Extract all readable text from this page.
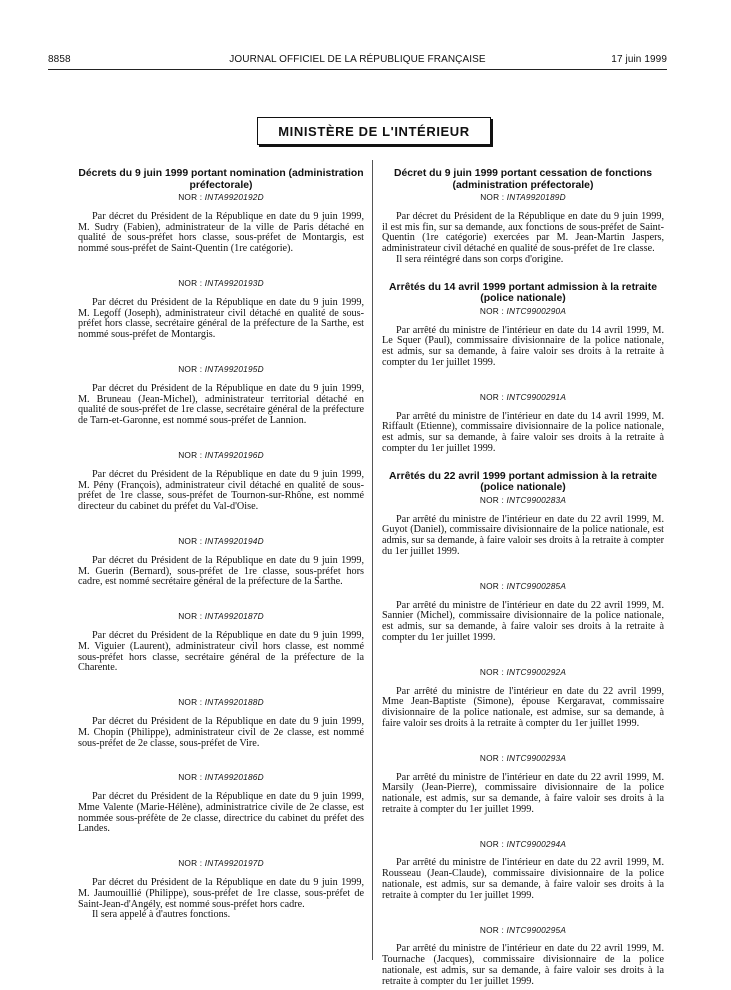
8858	JOURNAL OFFICIEL DE LA RÉPUBLIQUE FRANÇAISE	17 juin 1999
MINISTÈRE DE L'INTÉRIEUR

Décrets du 9 juin 1999 portant nomination (administration préfectorale)

NOR : INTA9920192D

Par décret du Président de la République en date du 9 juin 1999, M. Sudry (Fabien), administrateur de la ville de Paris détaché en qualité de sous-préfet hors classe, sous-préfet de Montargis, est nommé sous-préfet de Saint-Quentin (1re catégorie).

NOR : INTA9920193D

Par décret du Président de la République en date du 9 juin 1999, M. Legoff (Joseph), administrateur civil détaché en qualité de sous-préfet hors classe, secrétaire général de la préfecture de la Sarthe, est nommé sous-préfet de Montargis.

NOR : INTA9920195D

Par décret du Président de la République en date du 9 juin 1999, M. Bruneau (Jean-Michel), administrateur territorial détaché en qualité de sous-préfet de 1re classe, secrétaire général de la préfecture de Tarn-et-Garonne, est nommé sous-préfet de Lannion.

NOR : INTA9920196D

Par décret du Président de la République en date du 9 juin 1999, M. Pény (François), administrateur civil détaché en qualité de sous-préfet de 1re classe, sous-préfet de Tournon-sur-Rhône, est nommé directeur du cabinet du préfet du Val-d'Oise.

NOR : INTA9920194D

Par décret du Président de la République en date du 9 juin 1999, M. Guerin (Bernard), sous-préfet de 1re classe, sous-préfet hors cadre, est nommé secrétaire général de la préfecture de la Sarthe.

NOR : INTA9920187D

Par décret du Président de la République en date du 9 juin 1999, M. Viguier (Laurent), administrateur civil hors classe, est nommé sous-préfet hors classe, secrétaire général de la préfecture de la Charente.

NOR : INTA9920188D

Par décret du Président de la République en date du 9 juin 1999, M. Chopin (Philippe), administrateur civil de 2e classe, est nommé sous-préfet de 2e classe, sous-préfet de Vire.

NOR : INTA9920186D

Par décret du Président de la République en date du 9 juin 1999, Mme Valente (Marie-Hélène), administratrice civile de 2e classe, est nommée sous-préfète de 2e classe, directrice du cabinet du préfet des Landes.

NOR : INTA9920197D

Par décret du Président de la République en date du 9 juin 1999, M. Jaumouillié (Philippe), sous-préfet de 1re classe, sous-préfet de Saint-Jean-d'Angély, est nommé sous-préfet hors cadre.

Il sera appelé à d'autres fonctions.

Décret du 9 juin 1999 portant cessation de fonctions (administration préfectorale)

NOR : INTA9920189D

Par décret du Président de la République en date du 9 juin 1999, il est mis fin, sur sa demande, aux fonctions de sous-préfet de Saint-Quentin (1re catégorie) exercées par M. Jean-Martin Jaspers, administrateur civil détaché en qualité de sous-préfet de 1re classe.

Il sera réintégré dans son corps d'origine.

Arrêtés du 14 avril 1999 portant admission à la retraite (police nationale)

NOR : INTC9900290A

Par arrêté du ministre de l'intérieur en date du 14 avril 1999, M. Le Squer (Paul), commissaire divisionnaire de la police nationale, est admis, sur sa demande, à faire valoir ses droits à la retraite à compter du 1er juillet 1999.

NOR : INTC9900291A

Par arrêté du ministre de l'intérieur en date du 14 avril 1999, M. Riffault (Etienne), commissaire divisionnaire de la police nationale, est admis, sur sa demande, à faire valoir ses droits à la retraite à compter du 1er juillet 1999.

Arrêtés du 22 avril 1999 portant admission à la retraite (police nationale)

NOR : INTC9900283A

Par arrêté du ministre de l'intérieur en date du 22 avril 1999, M. Guyot (Daniel), commissaire divisionnaire de la police nationale, est admis, sur sa demande, à faire valoir ses droits à la retraite à compter du 1er juillet 1999.

NOR : INTC9900285A

Par arrêté du ministre de l'intérieur en date du 22 avril 1999, M. Sannier (Michel), commissaire divisionnaire de la police nationale, est admis, sur sa demande, à faire valoir ses droits à la retraite à compter du 1er juillet 1999.

NOR : INTC9900292A

Par arrêté du ministre de l'intérieur en date du 22 avril 1999, Mme Jean-Baptiste (Simone), épouse Kergaravat, commissaire divisionnaire de la police nationale, est admise, sur sa demande, à faire valoir ses droits à la retraite à compter du 1er juillet 1999.

NOR : INTC9900293A

Par arrêté du ministre de l'intérieur en date du 22 avril 1999, M. Marsily (Jean-Pierre), commissaire divisionnaire de la police nationale, est admis, sur sa demande, à faire valoir ses droits à la retraite à compter du 1er juillet 1999.

NOR : INTC9900294A

Par arrêté du ministre de l'intérieur en date du 22 avril 1999, M. Rousseau (Jean-Claude), commissaire divisionnaire de la police nationale, est admis, sur sa demande, à faire valoir ses droits à la retraite à compter du 1er juillet 1999.

NOR : INTC9900295A

Par arrêté du ministre de l'intérieur en date du 22 avril 1999, M. Tournache (Jacques), commissaire divisionnaire de la police nationale, est admis, sur sa demande, à faire valoir ses droits à la retraite à compter du 1er juillet 1999.
